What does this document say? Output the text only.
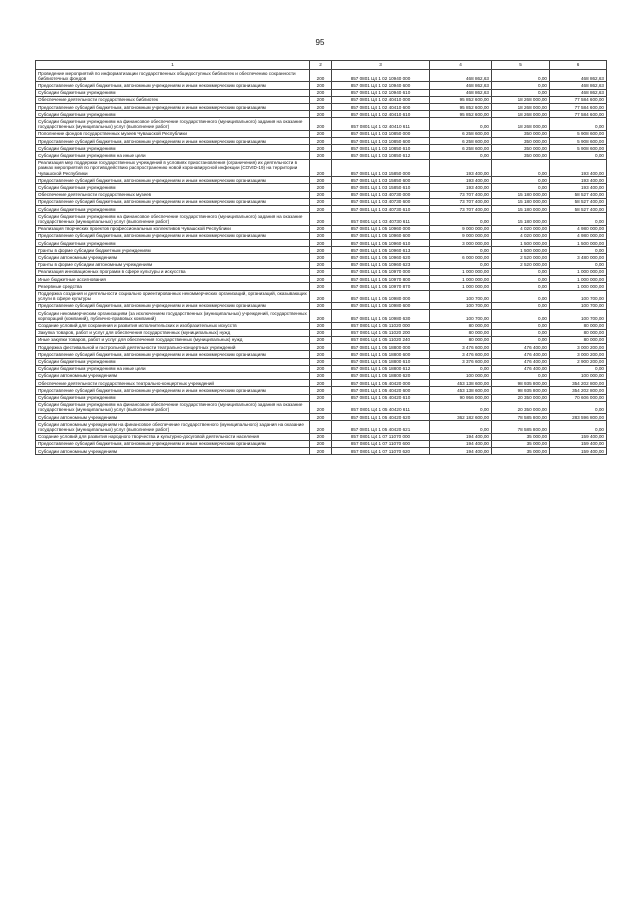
95
1	2	3	4	5	6
Проведение мероприятий по информатизации государственных общедоступных библиотек и обеспечению сохранности библиотечных фондов	200	857 0801 Ц4 1 02 10940 000	468 862,63	0,00	468 862,63
Предоставление субсидий бюджетным, автономным учреждениям и иным некоммерческим организациям	200	857 0801 Ц4 1 02 10940 600	468 862,63	0,00	468 862,63
Субсидии бюджетным учреждениям	200	857 0801 Ц4 1 02 10940 610	468 862,63	0,00	468 862,63
Обеспечение деятельности государственных библиотек	200	857 0801 Ц4 1 02 40410 000	95 852 600,00	18 268 000,00	77 584 600,00
Предоставление субсидий бюджетным, автономным учреждениям и иным некоммерческим организациям	200	857 0801 Ц4 1 02 40410 600	95 852 600,00	18 268 000,00	77 584 600,00
Субсидии бюджетным учреждениям	200	857 0801 Ц4 1 02 40410 610	95 852 600,00	18 268 000,00	77 584 600,00
Субсидии бюджетным учреждениям на финансовое обеспечение государственного (муниципального) задания на оказание государственных (муниципальных) услуг (выполнение работ)	200	857 0801 Ц4 1 02 40410 611	0,00	18 268 000,00	0,00
Пополнение фондов государственных музеев Чувашской Республики	200	857 0801 Ц4 1 03 10850 000	6 258 600,00	350 000,00	5 908 600,00
Предоставление субсидий бюджетным, автономным учреждениям и иным некоммерческим организациям	200	857 0801 Ц4 1 03 10850 600	6 258 600,00	350 000,00	5 908 600,00
Субсидии бюджетным учреждениям	200	857 0801 Ц4 1 03 10850 610	6 258 600,00	350 000,00	5 908 600,00
Субсидии бюджетным учреждениям на иные цели	200	857 0801 Ц4 1 03 10850 612	0,00	350 000,00	0,00
Реализация мер поддержки государственных учреждений в условиях приостановления (ограничения) их деятельности в рамках мероприятий по противодействию распространению новой коронавирусной инфекции (COVID-19) на территории Чувашской Республики	200	857 0801 Ц4 1 03 15850 000	193 400,00	0,00	193 400,00
Предоставление субсидий бюджетным, автономным учреждениям и иным некоммерческим организациям	200	857 0801 Ц4 1 03 15850 600	193 400,00	0,00	193 400,00
Субсидии бюджетным учреждениям	200	857 0801 Ц4 1 03 15850 610	193 400,00	0,00	193 400,00
Обеспечение деятельности государственных музеев	200	857 0801 Ц4 1 03 40730 000	73 707 400,00	15 180 000,00	58 527 400,00
Предоставление субсидий бюджетным, автономным учреждениям и иным некоммерческим организациям	200	857 0801 Ц4 1 03 40730 600	73 707 400,00	15 180 000,00	58 527 400,00
Субсидии бюджетным учреждениям	200	857 0801 Ц4 1 03 40730 610	73 707 400,00	15 180 000,00	58 527 400,00
Субсидии бюджетным учреждениям на финансовое обеспечение государственного (муниципального) задания на оказание государственных (муниципальных) услуг (выполнение работ)	200	857 0801 Ц4 1 03 40730 611	0,00	15 180 000,00	0,00
Реализация творческих проектов профессиональных коллективов Чувашской Республики	200	857 0801 Ц4 1 05 10960 000	9 000 000,00	4 020 000,00	4 980 000,00
Предоставление субсидий бюджетным, автономным учреждениям и иным некоммерческим организациям	200	857 0801 Ц4 1 05 10960 600	9 000 000,00	4 020 000,00	4 980 000,00
Субсидии бюджетным учреждениям	200	857 0801 Ц4 1 05 10960 610	3 000 000,00	1 500 000,00	1 500 000,00
Гранты в форме субсидии бюджетным учреждениям	200	857 0801 Ц4 1 05 10960 613	0,00	1 500 000,00	0,00
Субсидии автономным учреждениям	200	857 0801 Ц4 1 05 10960 620	6 000 000,00	2 520 000,00	3 480 000,00
Гранты в форме субсидии автономным учреждениям	200	857 0801 Ц4 1 05 10960 623	0,00	2 520 000,00	0,00
Реализация инновационных программ в сфере культуры и искусства	200	857 0801 Ц4 1 05 10970 000	1 000 000,00	0,00	1 000 000,00
Иные бюджетные ассигнования	200	857 0801 Ц4 1 05 10970 800	1 000 000,00	0,00	1 000 000,00
Резервные средства	200	857 0801 Ц4 1 05 10970 870	1 000 000,00	0,00	1 000 000,00
Поддержка создания и деятельности социально ориентированных некоммерческих организаций, организаций, оказывающих услуги в сфере культуры	200	857 0801 Ц4 1 05 10980 000	100 700,00	0,00	100 700,00
Предоставление субсидий бюджетным, автономным учреждениям и иным некоммерческим организациям	200	857 0801 Ц4 1 05 10980 600	100 700,00	0,00	100 700,00
Субсидии некоммерческим организациям (за исключением государственных (муниципальных) учреждений, государственных корпораций (компаний), публично-правовых компаний)	200	857 0801 Ц4 1 05 10980 630	100 700,00	0,00	100 700,00
Создание условий для сохранения и развития исполнительских и изобразительных искусств	200	857 0801 Ц4 1 05 11020 000	80 000,00	0,00	80 000,00
Закупка товаров, работ и услуг для обеспечения государственных (муниципальных) нужд	200	857 0801 Ц4 1 05 11020 200	80 000,00	0,00	80 000,00
Иные закупки товаров, работ и услуг для обеспечения государственных (муниципальных) нужд	200	857 0801 Ц4 1 05 11020 240	80 000,00	0,00	80 000,00
Поддержка фестивальной и гастрольной деятельности театрально-концертных учреждений	200	857 0801 Ц4 1 05 18800 000	3 476 600,00	476 400,00	3 000 200,00
Предоставление субсидий бюджетным, автономным учреждениям и иным некоммерческим организациям	200	857 0801 Ц4 1 05 18800 600	3 476 600,00	476 400,00	3 000 200,00
Субсидии бюджетным учреждениям	200	857 0801 Ц4 1 05 18800 610	3 376 600,00	476 400,00	2 900 200,00
Субсидии бюджетным учреждениям на иные цели	200	857 0801 Ц4 1 05 18800 612	0,00	476 400,00	0,00
Субсидии автономным учреждениям	200	857 0801 Ц4 1 05 18800 620	100 000,00	0,00	100 000,00
Обеспечение деятельности государственных театрально-концертных учреждений	200	857 0801 Ц4 1 05 40420 000	453 138 600,00	98 935 800,00	354 202 800,00
Предоставление субсидий бюджетным, автономным учреждениям и иным некоммерческим организациям	200	857 0801 Ц4 1 05 40420 600	453 138 600,00	98 935 800,00	354 202 800,00
Субсидии бюджетным учреждениям	200	857 0801 Ц4 1 05 40420 610	90 956 000,00	20 350 000,00	70 606 000,00
Субсидии бюджетным учреждениям на финансовое обеспечение государственного (муниципального) задания на оказание государственных (муниципальных) услуг (выполнение работ)	200	857 0801 Ц4 1 05 40420 611	0,00	20 350 000,00	0,00
Субсидии автономным учреждениям	200	857 0801 Ц4 1 05 40420 620	362 182 600,00	78 585 800,00	283 596 800,00
Субсидии автономным учреждениям на финансовое обеспечение государственного (муниципального) задания на оказание государственных (муниципальных) услуг (выполнение работ)	200	857 0801 Ц4 1 05 40420 621	0,00	78 585 800,00	0,00
Создание условий для развития народного творчества и культурно-досуговой деятельности населения	200	857 0801 Ц4 1 07 11070 000	194 400,00	35 000,00	159 400,00
Предоставление субсидий бюджетным, автономным учреждениям и иным некоммерческим организациям	200	857 0801 Ц4 1 07 11070 600	194 400,00	35 000,00	159 400,00
Субсидии автономным учреждениям	200	857 0801 Ц4 1 07 11070 620	194 400,00	35 000,00	159 400,00
